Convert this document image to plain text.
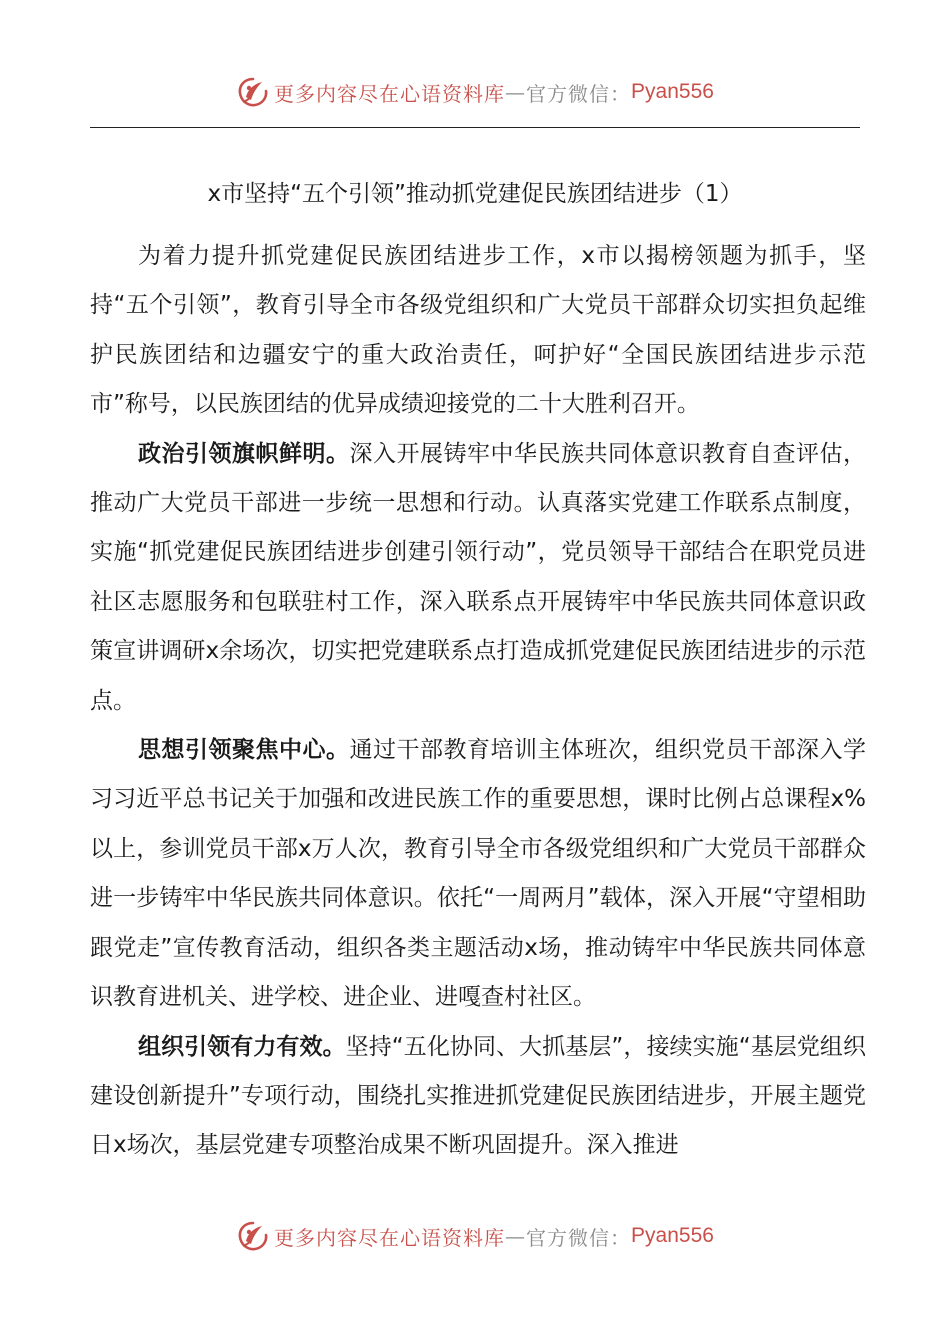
更多内容尽在心语资料库 — 官方微信： Pyan556
x市坚持“五个引领”推动抓党建促民族团结进步（1）

为着力提升抓党建促民族团结进步工作，x市以揭榜领题为抓手，坚持“五个引领”，教育引导全市各级党组织和广大党员干部群众切实担负起维护民族团结和边疆安宁的重大政治责任，呵护好“全国民族团结进步示范市”称号，以民族团结的优异成绩迎接党的二十大胜利召开。

政治引领旗帜鲜明。深入开展铸牢中华民族共同体意识教育自查评估，推动广大党员干部进一步统一思想和行动。认真落实党建工作联系点制度，实施“抓党建促民族团结进步创建引领行动”，党员领导干部结合在职党员进社区志愿服务和包联驻村工作，深入联系点开展铸牢中华民族共同体意识政策宣讲调研x余场次，切实把党建联系点打造成抓党建促民族团结进步的示范点。

思想引领聚焦中心。通过干部教育培训主体班次，组织党员干部深入学习习近平总书记关于加强和改进民族工作的重要思想，课时比例占总课程x%以上，参训党员干部x万人次，教育引导全市各级党组织和广大党员干部群众进一步铸牢中华民族共同体意识。依托“一周两月”载体，深入开展“守望相助跟党走”宣传教育活动，组织各类主题活动x场，推动铸牢中华民族共同体意识教育进机关、进学校、进企业、进嘎查村社区。

组织引领有力有效。坚持“五化协同、大抓基层”，接续实施“基层党组织建设创新提升”专项行动，围绕扎实推进抓党建促民族团结进步，开展主题党日x场次，基层党建专项整治成果不断巩固提升。深入推进

更多内容尽在心语资料库 — 官方微信： Pyan556
